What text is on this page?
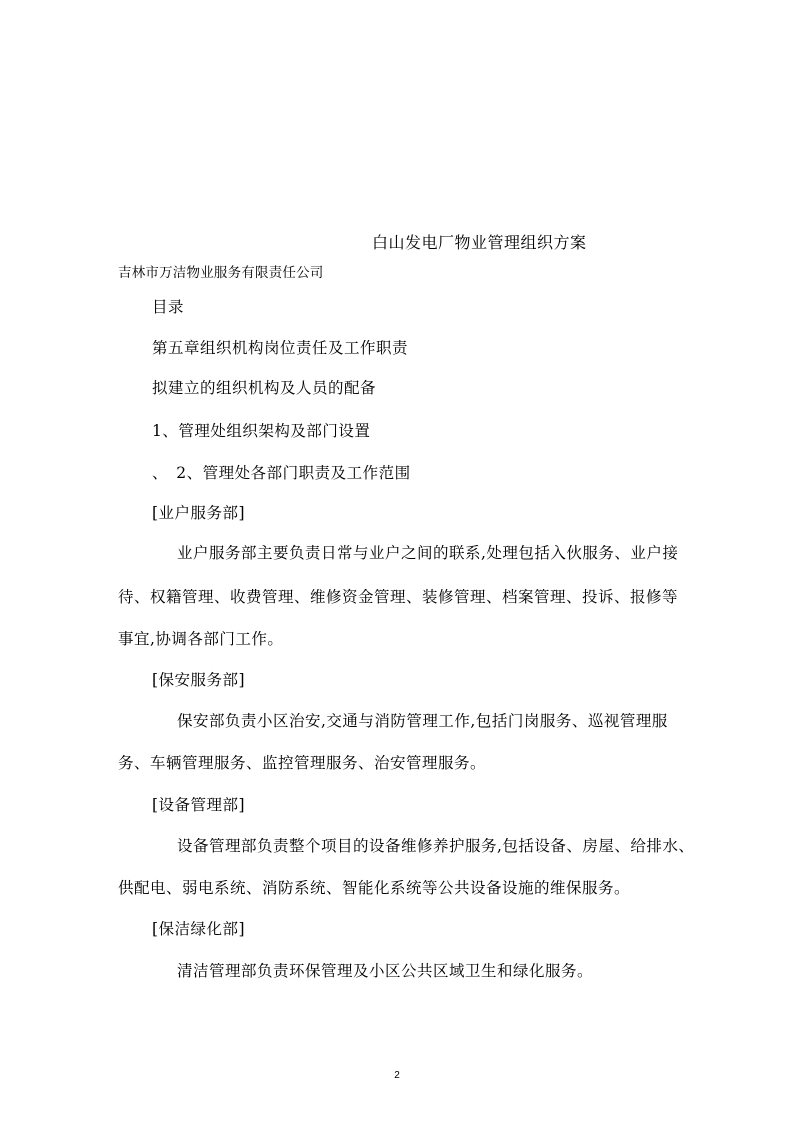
白山发电厂物业管理组织方案
吉林市万洁物业服务有限责任公司
目录
第五章组织机构岗位责任及工作职责
拟建立的组织机构及人员的配备
1、管理处组织架构及部门设置
、　2、管理处各部门职责及工作范围
[业户服务部]
业户服务部主要负责日常与业户之间的联系,处理包括入伙服务、业户接
待、权籍管理、收费管理、维修资金管理、装修管理、档案管理、投诉、报修等
事宜,协调各部门工作。
[保安服务部]
保安部负责小区治安,交通与消防管理工作,包括门岗服务、巡视管理服
务、车辆管理服务、监控管理服务、治安管理服务。
[设备管理部]
设备管理部负责整个项目的设备维修养护服务,包括设备、房屋、给排水、
供配电、弱电系统、消防系统、智能化系统等公共设备设施的维保服务。
[保洁绿化部]
清洁管理部负责环保管理及小区公共区域卫生和绿化服务。
2
